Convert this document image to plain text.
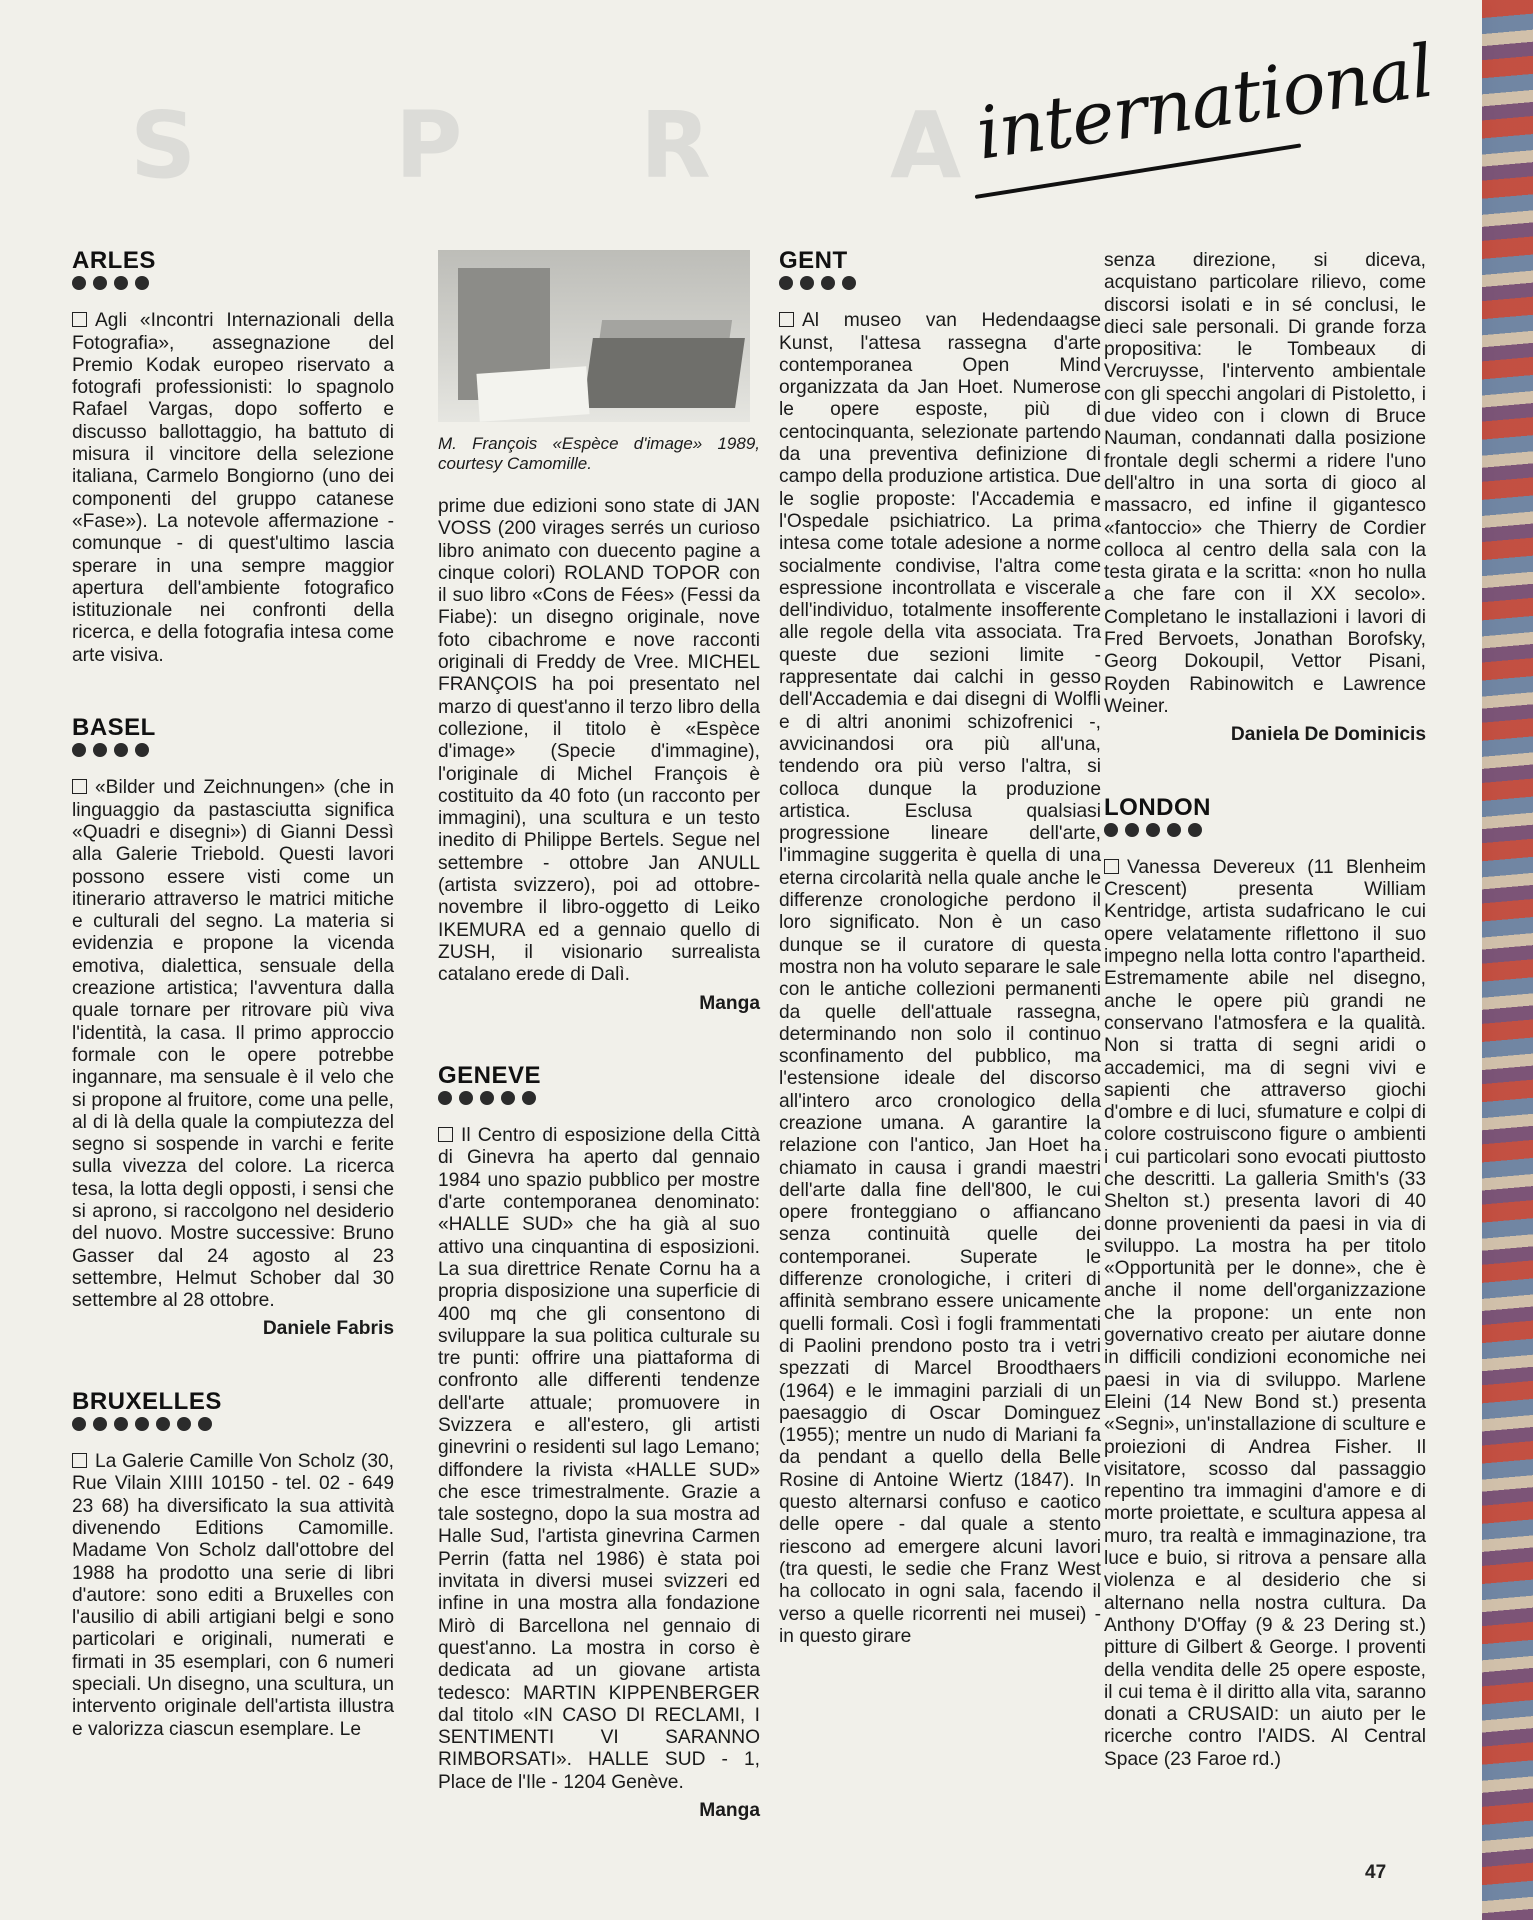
S P R A international
ARLES

Agli «Incontri Internazionali della Fotografia», assegnazione del Premio Kodak europeo riservato a fotografi professionisti: lo spagnolo Rafael Vargas, dopo sofferto e discusso ballottaggio, ha battuto di misura il vincitore della selezione italiana, Carmelo Bongiorno (uno dei componenti del gruppo catanese «Fase»). La notevole affermazione - comunque - di quest'ultimo lascia sperare in una sempre maggior apertura dell'ambiente fotografico istituzionale nei confronti della ricerca, e della fotografia intesa come arte visiva.

BASEL

«Bilder und Zeichnungen» (che in linguaggio da pastasciutta significa «Quadri e disegni») di Gianni Dessì alla Galerie Triebold. Questi lavori possono essere visti come un itinerario attraverso le matrici mitiche e culturali del segno. La materia si evidenzia e propone la vicenda emotiva, dialettica, sensuale della creazione artistica; l'avventura dalla quale tornare per ritrovare più viva l'identità, la casa. Il primo approccio formale con le opere potrebbe ingannare, ma sensuale è il velo che si propone al fruitore, come una pelle, al di là della quale la compiutezza del segno si sospende in varchi e ferite sulla vivezza del colore. La ricerca tesa, la lotta degli opposti, i sensi che si aprono, si raccolgono nel desiderio del nuovo. Mostre successive: Bruno Gasser dal 24 agosto al 23 settembre, Helmut Schober dal 30 settembre al 28 ottobre.

Daniele Fabris
BRUXELLES

La Galerie Camille Von Scholz (30, Rue Vilain XIIII 10150 - tel. 02 - 649 23 68) ha diversificato la sua attività divenendo Editions Camomille. Madame Von Scholz dall'ottobre del 1988 ha prodotto una serie di libri d'autore: sono editi a Bruxelles con l'ausilio di abili artigiani belgi e sono particolari e originali, numerati e firmati in 35 esemplari, con 6 numeri speciali. Un disegno, una scultura, un intervento originale dell'artista illustra e valorizza ciascun esemplare. Le

M. François «Espèce d'image» 1989, courtesy Camomille.

prime due edizioni sono state di JAN VOSS (200 virages serrés un curioso libro animato con duecento pagine a cinque colori) ROLAND TOPOR con il suo libro «Cons de Fées» (Fessi da Fiabe): un disegno originale, nove foto cibachrome e nove racconti originali di Freddy de Vree. MICHEL FRANÇOIS ha poi presentato nel marzo di quest'anno il terzo libro della collezione, il titolo è «Espèce d'image» (Specie d'immagine), l'originale di Michel François è costituito da 40 foto (un racconto per immagini), una scultura e un testo inedito di Philippe Bertels. Segue nel settembre - ottobre Jan ANULL (artista svizzero), poi ad ottobre-novembre il libro-oggetto di Leiko IKEMURA ed a gennaio quello di ZUSH, il visionario surrealista catalano erede di Dalì.

Manga
GENEVE

Il Centro di esposizione della Città di Ginevra ha aperto dal gennaio 1984 uno spazio pubblico per mostre d'arte contemporanea denominato: «HALLE SUD» che ha già al suo attivo una cinquantina di esposizioni. La sua direttrice Renate Cornu ha a propria disposizione una superficie di 400 mq che gli consentono di sviluppare la sua politica culturale su tre punti: offrire una piattaforma di confronto alle differenti tendenze dell'arte attuale; promuovere in Svizzera e all'estero, gli artisti ginevrini o residenti sul lago Lemano; diffondere la rivista «HALLE SUD» che esce trimestralmente. Grazie a tale sostegno, dopo la sua mostra ad Halle Sud, l'artista ginevrina Carmen Perrin (fatta nel 1986) è stata poi invitata in diversi musei svizzeri ed infine in una mostra alla fondazione Mirò di Barcellona nel gennaio di quest'anno. La mostra in corso è dedicata ad un giovane artista tedesco: MARTIN KIPPENBERGER dal titolo «IN CASO DI RECLAMI, I SENTIMENTI VI SARANNO RIMBORSATI». HALLE SUD - 1, Place de l'Ile - 1204 Genève.

Manga
GENT

Al museo van Hedendaagse Kunst, l'attesa rassegna d'arte contemporanea Open Mind organizzata da Jan Hoet. Numerose le opere esposte, più di centocinquanta, selezionate partendo da una preventiva definizione di campo della produzione artistica. Due le soglie proposte: l'Accademia e l'Ospedale psichiatrico. La prima intesa come totale adesione a norme socialmente condivise, l'altra come espressione incontrollata e viscerale dell'individuo, totalmente insofferente alle regole della vita associata. Tra queste due sezioni limite - rappresentate dai calchi in gesso dell'Accademia e dai disegni di Wolfli e di altri anonimi schizofrenici -, avvicinandosi ora più all'una, tendendo ora più verso l'altra, si colloca dunque la produzione artistica. Esclusa qualsiasi progressione lineare dell'arte, l'immagine suggerita è quella di una eterna circolarità nella quale anche le differenze cronologiche perdono il loro significato. Non è un caso dunque se il curatore di questa mostra non ha voluto separare le sale con le antiche collezioni permanenti da quelle dell'attuale rassegna, determinando non solo il continuo sconfinamento del pubblico, ma l'estensione ideale del discorso all'intero arco cronologico della creazione umana. A garantire la relazione con l'antico, Jan Hoet ha chiamato in causa i grandi maestri dell'arte dalla fine dell'800, le cui opere fronteggiano o affiancano senza continuità quelle dei contemporanei. Superate le differenze cronologiche, i criteri di affinità sembrano essere unicamente quelli formali. Così i fogli frammentati di Paolini prendono posto tra i vetri spezzati di Marcel Broodthaers (1964) e le immagini parziali di un paesaggio di Oscar Dominguez (1955); mentre un nudo di Mariani fa da pendant a quello della Belle Rosine di Antoine Wiertz (1847). In questo alternarsi confuso e caotico delle opere - dal quale a stento riescono ad emergere alcuni lavori (tra questi, le sedie che Franz West ha collocato in ogni sala, facendo il verso a quelle ricorrenti nei musei) - in questo girare

senza direzione, si diceva, acquistano particolare rilievo, come discorsi isolati e in sé conclusi, le dieci sale personali. Di grande forza propositiva: le Tombeaux di Vercruysse, l'intervento ambientale con gli specchi angolari di Pistoletto, i due video con i clown di Bruce Nauman, condannati dalla posizione frontale degli schermi a ridere l'uno dell'altro in una sorta di gioco al massacro, ed infine il gigantesco «fantoccio» che Thierry de Cordier colloca al centro della sala con la testa girata e la scritta: «non ho nulla a che fare con il XX secolo». Completano le installazioni i lavori di Fred Bervoets, Jonathan Borofsky, Georg Dokoupil, Vettor Pisani, Royden Rabinowitch e Lawrence Weiner.

Daniela De Dominicis
LONDON

Vanessa Devereux (11 Blenheim Crescent) presenta William Kentridge, artista sudafricano le cui opere velatamente riflettono il suo impegno nella lotta contro l'apartheid. Estremamente abile nel disegno, anche le opere più grandi ne conservano l'atmosfera e la qualità. Non si tratta di segni aridi o accademici, ma di segni vivi e sapienti che attraverso giochi d'ombre e di luci, sfumature e colpi di colore costruiscono figure o ambienti i cui particolari sono evocati piuttosto che descritti. La galleria Smith's (33 Shelton st.) presenta lavori di 40 donne provenienti da paesi in via di sviluppo. La mostra ha per titolo «Opportunità per le donne», che è anche il nome dell'organizzazione che la propone: un ente non governativo creato per aiutare donne in difficili condizioni economiche nei paesi in via di sviluppo. Marlene Eleini (14 New Bond st.) presenta «Segni», un'installazione di sculture e proiezioni di Andrea Fisher. Il visitatore, scosso dal passaggio repentino tra immagini d'amore e di morte proiettate, e scultura appesa al muro, tra realtà e immaginazione, tra luce e buio, si ritrova a pensare alla violenza e al desiderio che si alternano nella nostra cultura. Da Anthony D'Offay (9 & 23 Dering st.) pitture di Gilbert & George. I proventi della vendita delle 25 opere esposte, il cui tema è il diritto alla vita, saranno donati a CRUSAID: un aiuto per le ricerche contro l'AIDS. Al Central Space (23 Faroe rd.)

47
